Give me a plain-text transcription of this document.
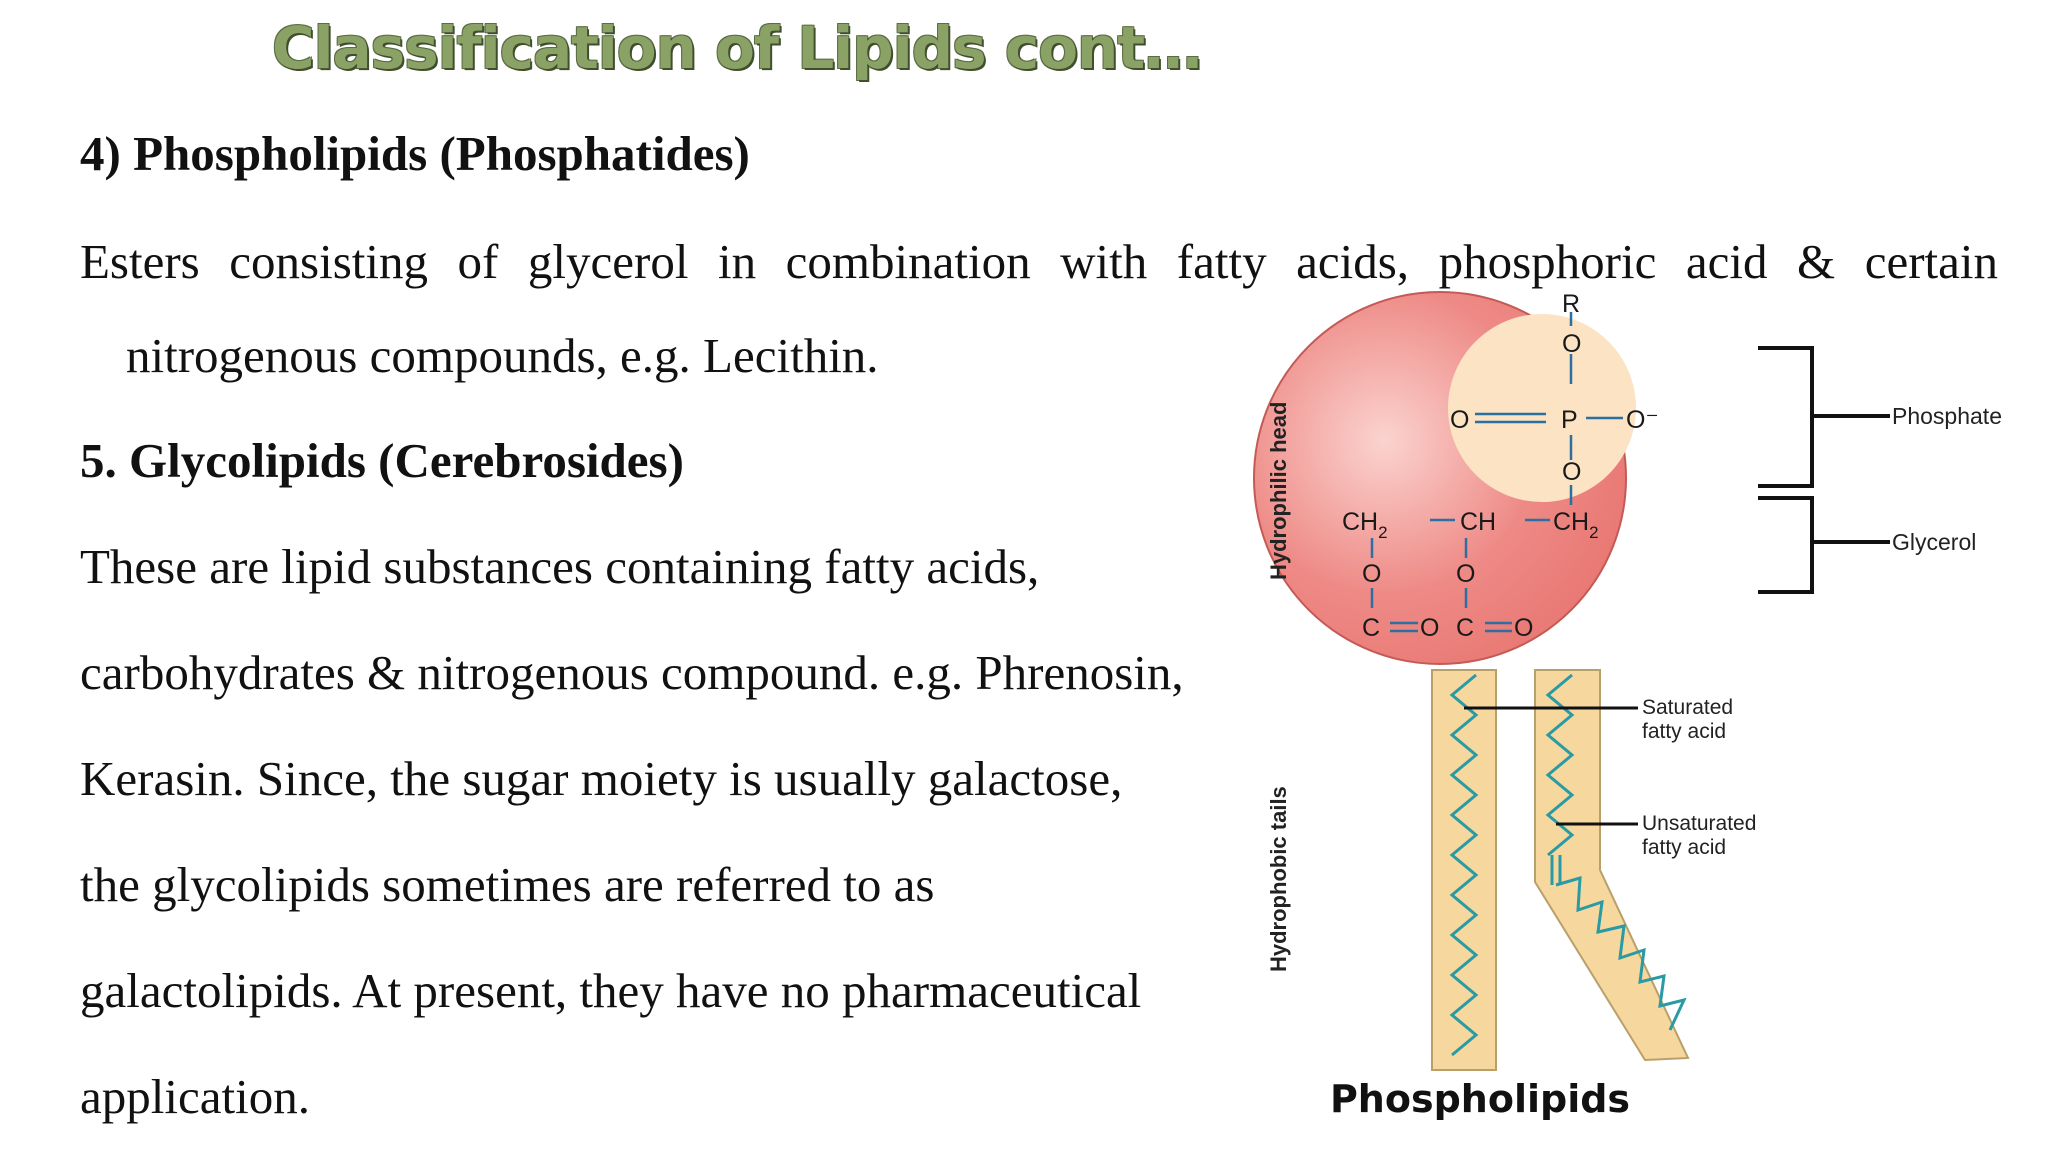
Classification of Lipids cont…
4) Phospholipids (Phosphatides)
Esters consisting of glycerol in combination with fatty acids, phosphoric acid & certain
nitrogenous compounds, e.g. Lecithin.
5. Glycolipids (Cerebrosides)
These are lipid substances containing fatty acids,
carbohydrates & nitrogenous compound. e.g. Phrenosin,
Kerasin. Since, the sugar moiety is usually galactose,
the glycolipids sometimes are referred to as
galactolipids. At present, they have no pharmaceutical
application.
R
O
O	P O⁻
O
$CH_2$	CH $CH_2$
O	O
C O C O
Phosphate
Glycerol
Saturated
fatty acid
Unsaturated
fatty acid
Hydrophilic head
Hydrophobic tails
Phospholipids
